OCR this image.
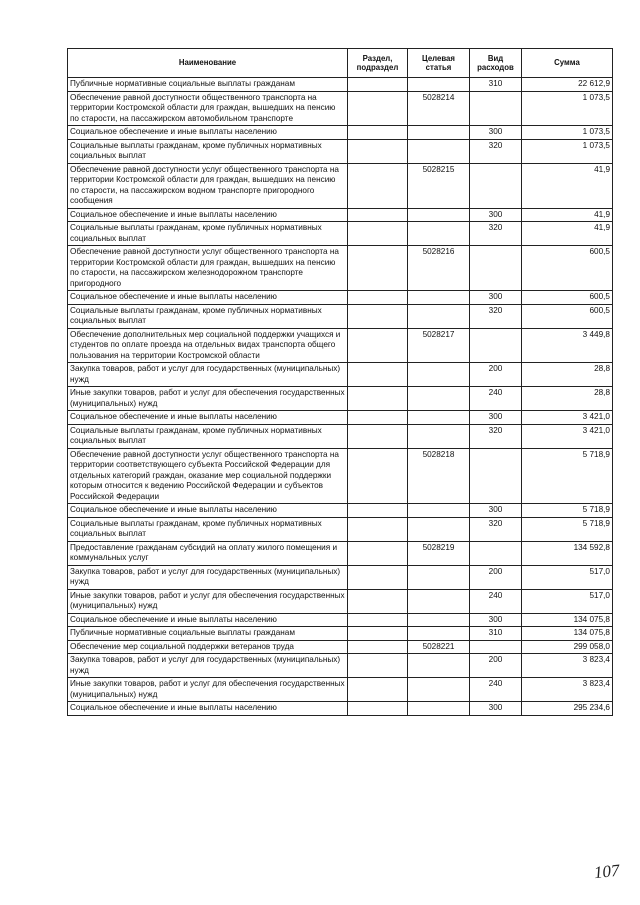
Наименование	Раздел, подраздел	Целевая статья	Вид расходов	Сумма
Публичные нормативные социальные выплаты гражданам			310	22 612,9
Обеспечение равной доступности общественного транспорта на территории Костромской области для граждан, вышедших на пенсию по старости, на пассажирском автомобильном транспорте		5028214		1 073,5
Социальное обеспечение и иные выплаты населению			300	1 073,5
Социальные выплаты гражданам, кроме публичных нормативных социальных выплат			320	1 073,5
Обеспечение равной доступности услуг общественного транспорта на территории Костромской области для граждан, вышедших на пенсию по старости, на пассажирском водном транспорте пригородного сообщения		5028215		41,9
Социальное обеспечение и иные выплаты населению			300	41,9
Социальные выплаты гражданам, кроме публичных нормативных социальных выплат			320	41,9
Обеспечение равной доступности услуг общественного транспорта на территории Костромской области для граждан, вышедших на пенсию по старости, на пассажирском железнодорожном транспорте пригородного		5028216		600,5
Социальное обеспечение и иные выплаты населению			300	600,5
Социальные выплаты гражданам, кроме публичных нормативных социальных выплат			320	600,5
Обеспечение дополнительных мер социальной поддержки учащихся и студентов по оплате проезда на отдельных видах транспорта общего пользования на территории Костромской области		5028217		3 449,8
Закупка товаров, работ и услуг для государственных (муниципальных) нужд			200	28,8
Иные закупки товаров, работ и услуг для обеспечения государственных (муниципальных) нужд			240	28,8
Социальное обеспечение и иные выплаты населению			300	3 421,0
Социальные выплаты гражданам, кроме публичных нормативных социальных выплат			320	3 421,0
Обеспечение равной доступности услуг общественного транспорта на территории соответствующего субъекта Российской Федерации для отдельных категорий граждан, оказание мер социальной поддержки которым относится к ведению Российской Федерации и субъектов Российской Федерации		5028218		5 718,9
Социальное обеспечение и иные выплаты населению			300	5 718,9
Социальные выплаты гражданам, кроме публичных нормативных социальных выплат			320	5 718,9
Предоставление гражданам субсидий на оплату жилого помещения и коммунальных услуг		5028219		134 592,8
Закупка товаров, работ и услуг для государственных (муниципальных) нужд			200	517,0
Иные закупки товаров, работ и услуг для обеспечения государственных (муниципальных) нужд			240	517,0
Социальное обеспечение и иные выплаты населению			300	134 075,8
Публичные нормативные социальные выплаты гражданам			310	134 075,8
Обеспечение мер социальной поддержки ветеранов труда		5028221		299 058,0
Закупка товаров, работ и услуг для государственных (муниципальных) нужд			200	3 823,4
Иные закупки товаров, работ и услуг для обеспечения государственных (муниципальных) нужд			240	3 823,4
Социальное обеспечение и иные выплаты населению			300	295 234,6
107
